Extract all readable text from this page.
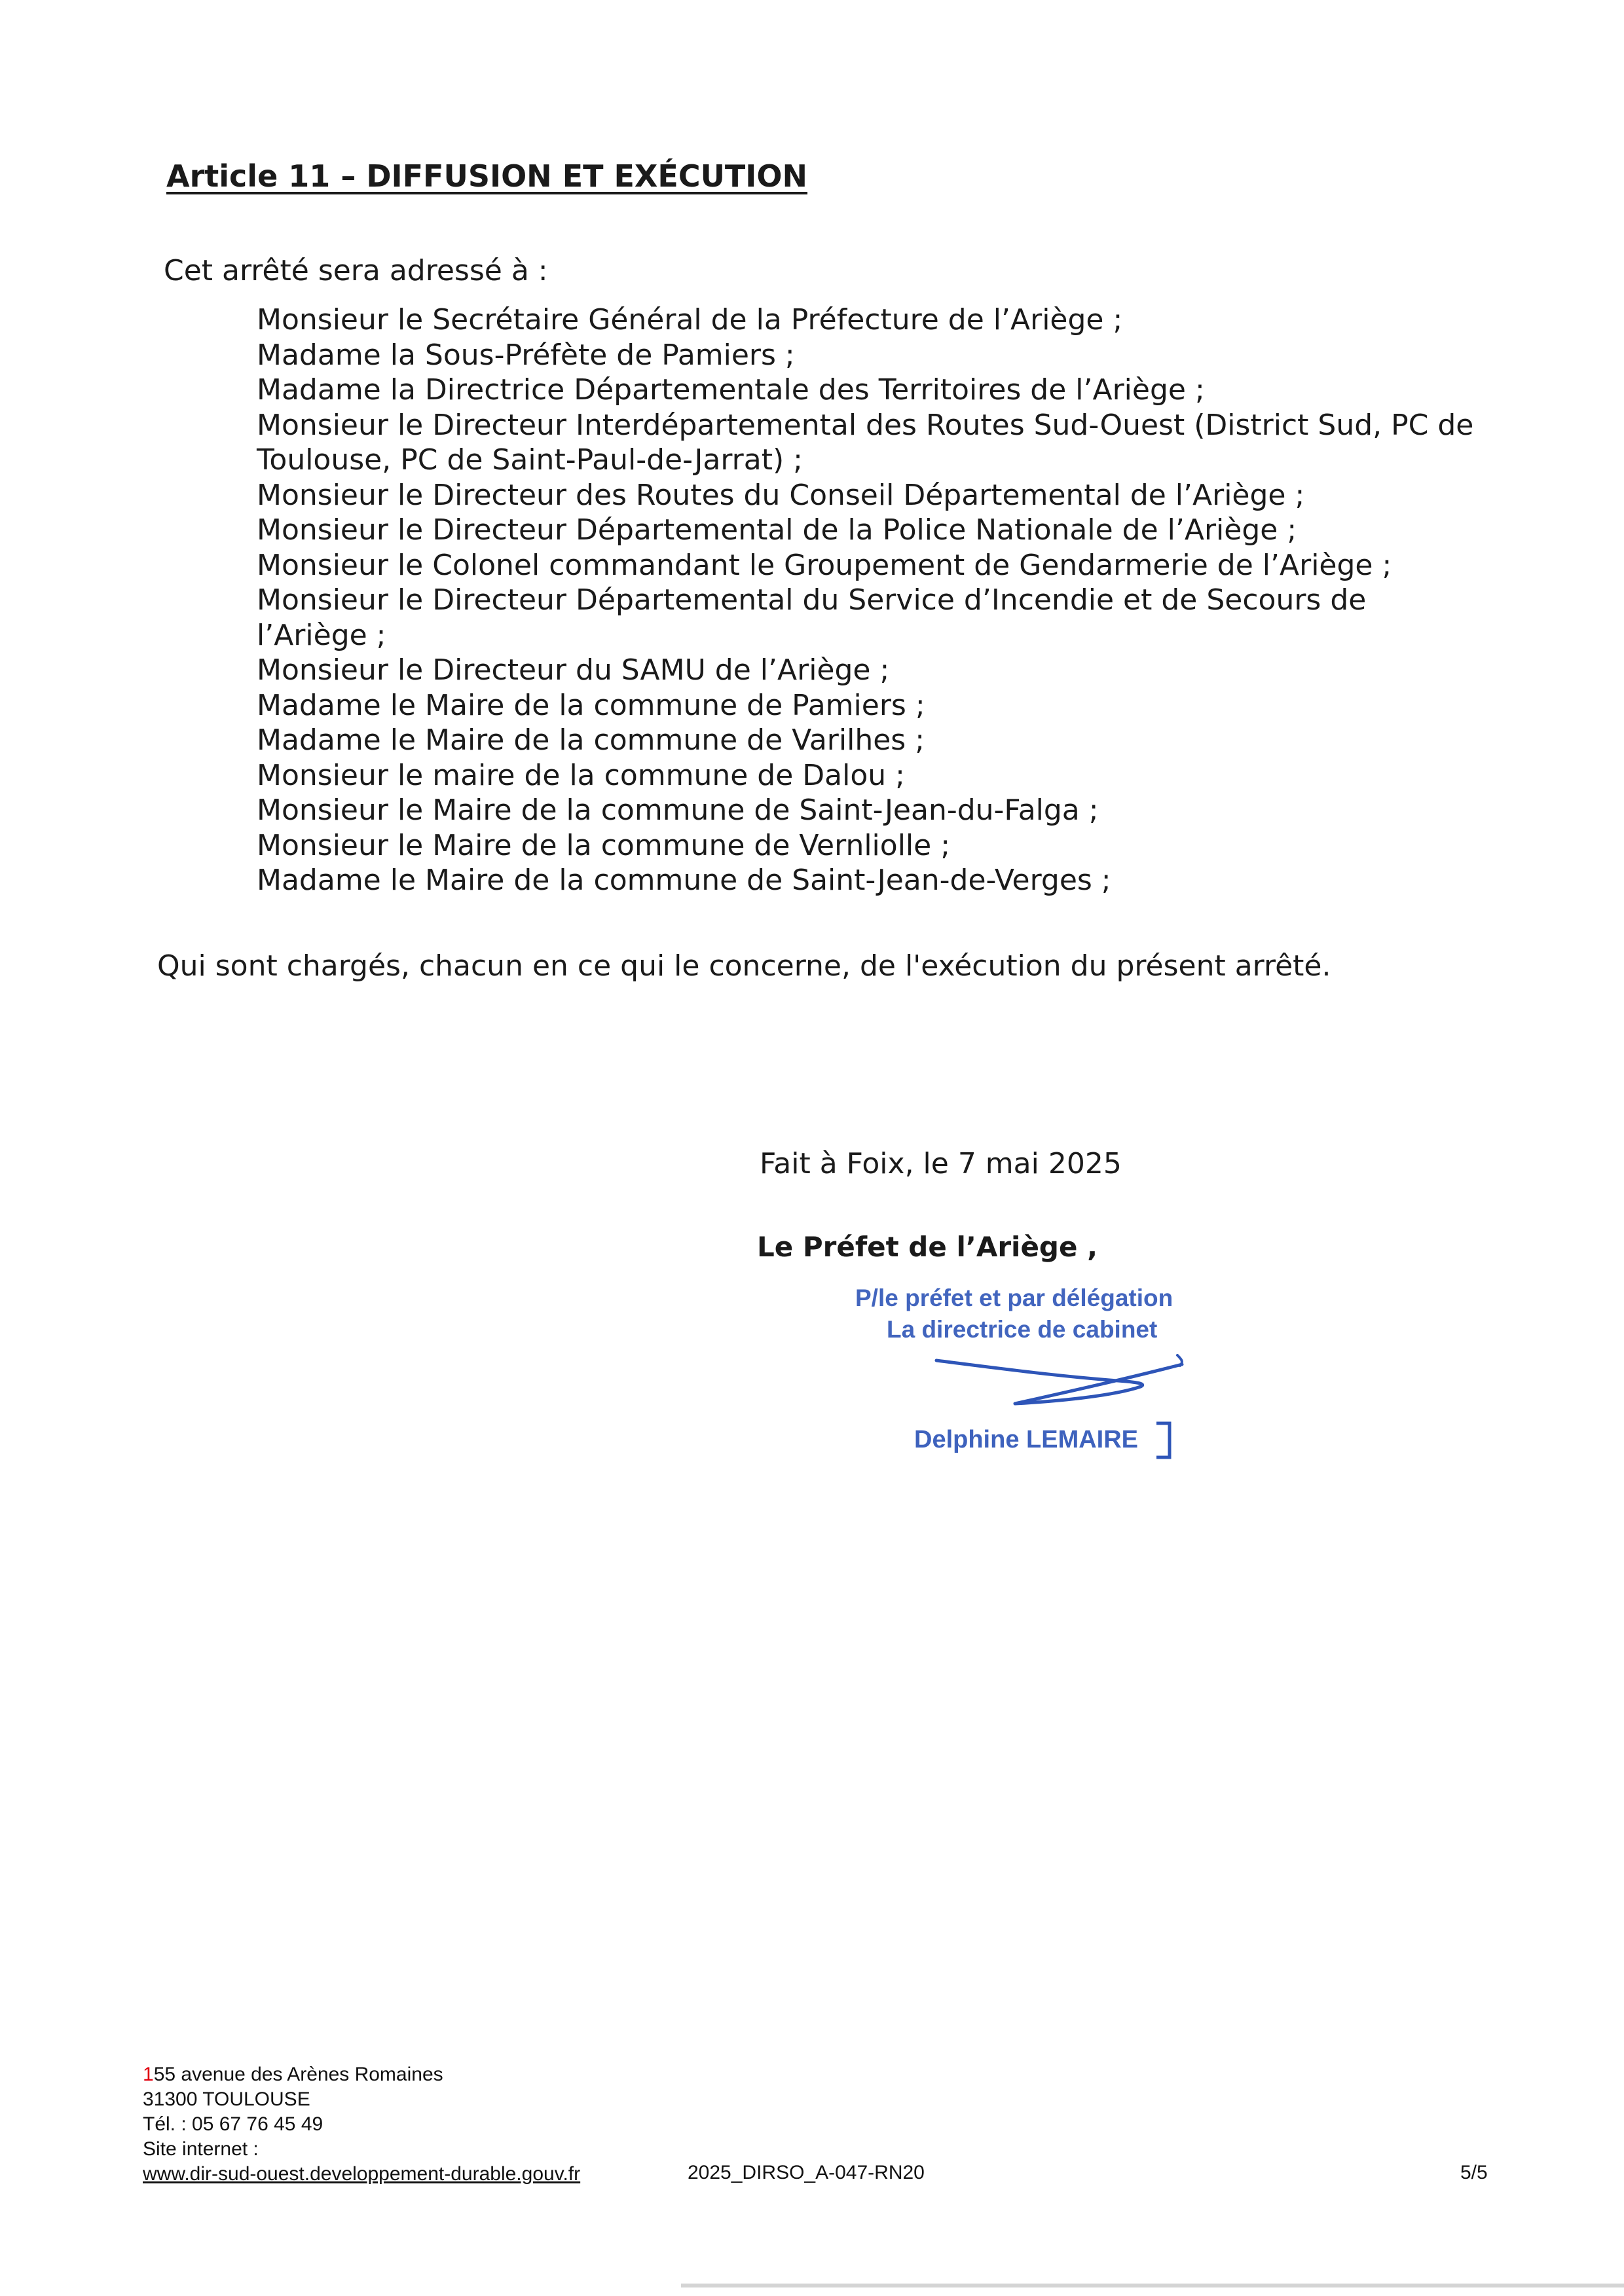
Article 11 – DIFFUSION ET EXÉCUTION
Cet arrêté sera adressé à :
Monsieur le Secrétaire Général de la Préfecture de l’Ariège ;
Madame la Sous-Préfète de Pamiers ;
Madame la Directrice Départementale des Territoires de l’Ariège ;
Monsieur le Directeur Interdépartemental des Routes Sud-Ouest (District Sud, PC de Toulouse, PC de Saint-Paul-de-Jarrat) ;
Monsieur le Directeur des Routes du Conseil Départemental de l’Ariège ;
Monsieur le Directeur Départemental de la Police Nationale de l’Ariège ;
Monsieur le Colonel commandant le Groupement de Gendarmerie de l’Ariège ;
Monsieur le Directeur Départemental du Service d’Incendie et de Secours de l’Ariège ;
Monsieur le Directeur du SAMU de l’Ariège ;
Madame le Maire de la commune de Pamiers ;
Madame le Maire de la commune de Varilhes ;
Monsieur le maire de la commune de Dalou ;
Monsieur le Maire de la commune de Saint-Jean-du-Falga ;
Monsieur le Maire de la commune de Vernliolle ;
Madame le Maire de la commune de Saint-Jean-de-Verges ;
Qui sont chargés, chacun en ce qui le concerne, de l'exécution du présent arrêté.
Fait à Foix, le 7 mai 2025
Le Préfet de l’Ariège ,
P/le préfet et par délégation
La directrice de cabinet
Delphine LEMAIRE
155 avenue des Arènes Romaines
31300 TOULOUSE
Tél. : 05 67 76 45 49
Site internet :
www.dir-sud-ouest.developpement-durable.gouv.fr	2025_DIRSO_A-047-RN20	5/5
